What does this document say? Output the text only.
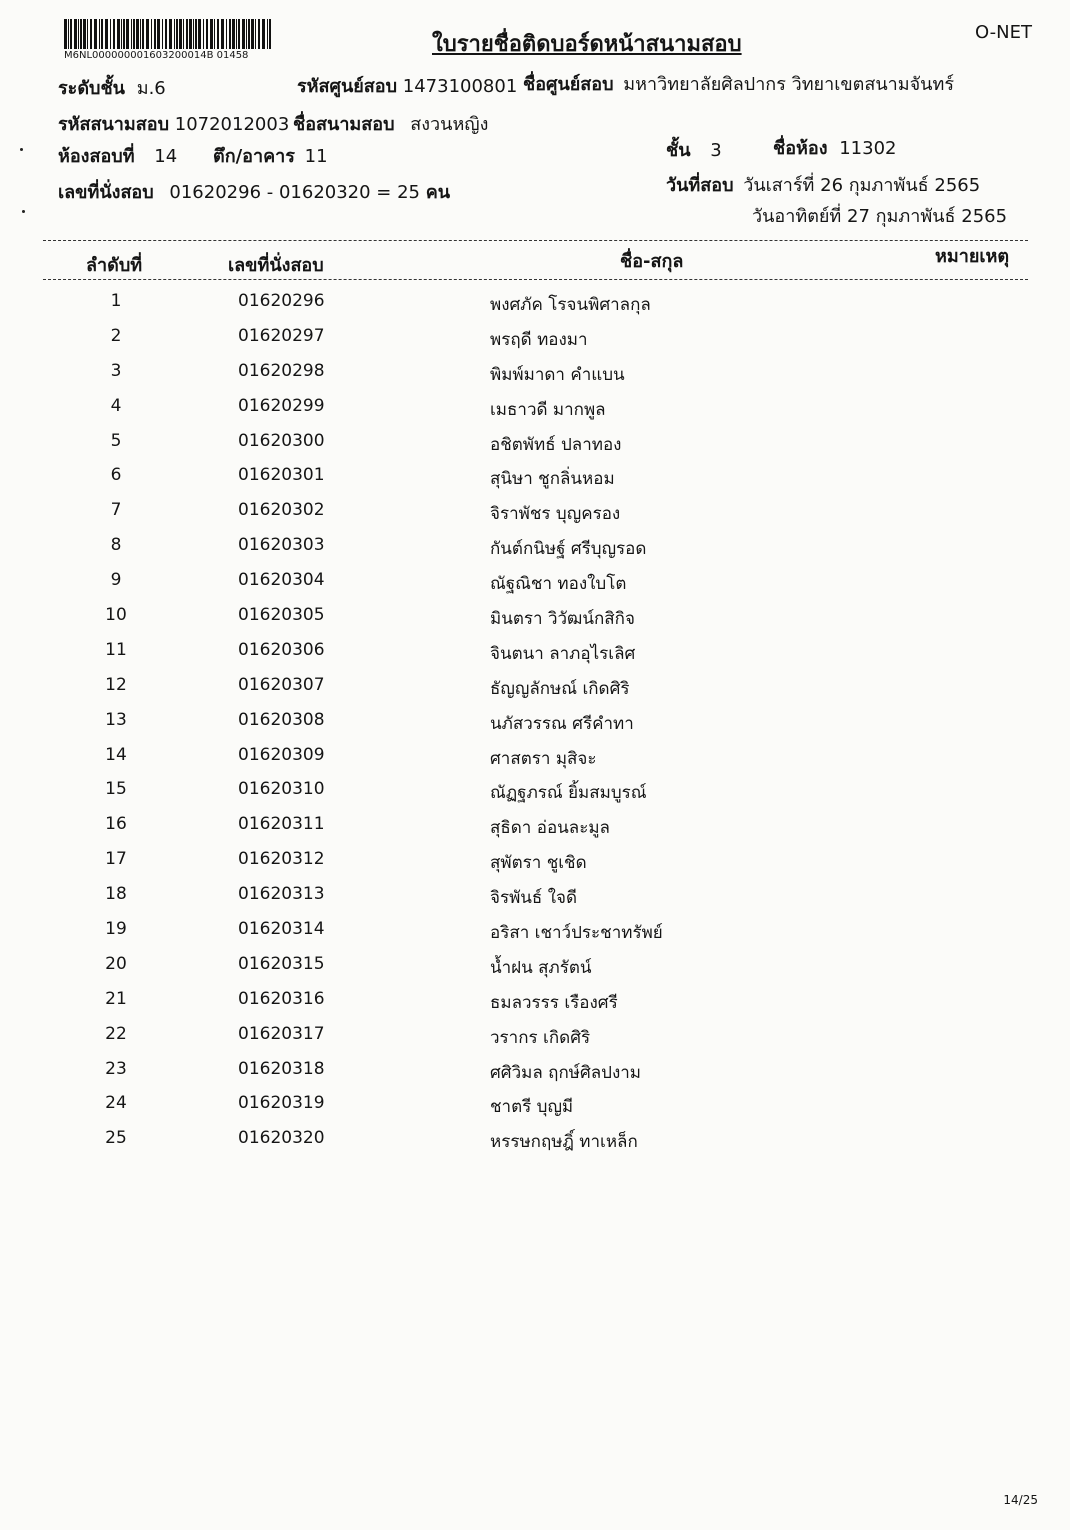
M6NL000000001603200014B 01458	ใบรายชื่อติดบอร์ดหน้าสนามสอบ	O-NET
ระดับชั้น ม.6	รหัสศูนย์สอบ 1473100801 ชื่อศูนย์สอบ มหาวิทยาลัยศิลปากร วิทยาเขตสนามจันทร์
รหัสสนามสอบ 1072012003 ชื่อสนามสอบ สงวนหญิง
ห้องสอบที่ 14 ตึก/อาคาร 11	ชั้น 3	ชื่อห้อง 11302
เลขที่นั่งสอบ 01620296 - 01620320 = 25 คน	วันที่สอบ วันเสาร์ที่ 26 กุมภาพันธ์ 2565
วันอาทิตย์ที่ 27 กุมภาพันธ์ 2565
ลำดับที่	เลขที่นั่งสอบ	ชื่อ-สกุล	หมายเหตุ
1	01620296	พงศภัค โรจนพิศาลกุล
2	01620297	พรฤดี ทองมา
3	01620298	พิมพ์มาดา คำแบน
4	01620299	เมธาวดี มากพูล
5	01620300	อชิตพัทธ์ ปลาทอง
6	01620301	สุนิษา ชูกลิ่นหอม
7	01620302	จิราพัชร บุญครอง
8	01620303	กันต์กนิษฐ์ ศรีบุญรอด
9	01620304	ณัฐณิชา ทองใบโต
10	01620305	มินตรา วิวัฒน์กสิกิจ
11	01620306	จินตนา ลาภอุไรเลิศ
12	01620307	ธัญญลักษณ์ เกิดศิริ
13	01620308	นภัสวรรณ ศรีคำทา
14	01620309	ศาสตรา มุสิจะ
15	01620310	ณัฏฐภรณ์ ยิ้มสมบูรณ์
16	01620311	สุธิดา อ่อนละมูล
17	01620312	สุพัตรา ชูเชิด
18	01620313	จิรพันธ์ ใจดี
19	01620314	อริสา เชาว์ประชาทรัพย์
20	01620315	น้ำฝน สุภรัตน์
21	01620316	ธมลวรรร เรืองศรี
22	01620317	วรากร เกิดศิริ
23	01620318	ศศิวิมล ฤกษ์ศิลปงาม
24	01620319	ชาตรี บุญมี
25	01620320	หรรษกฤษฎิ์ ทาเหล็ก
14/25
